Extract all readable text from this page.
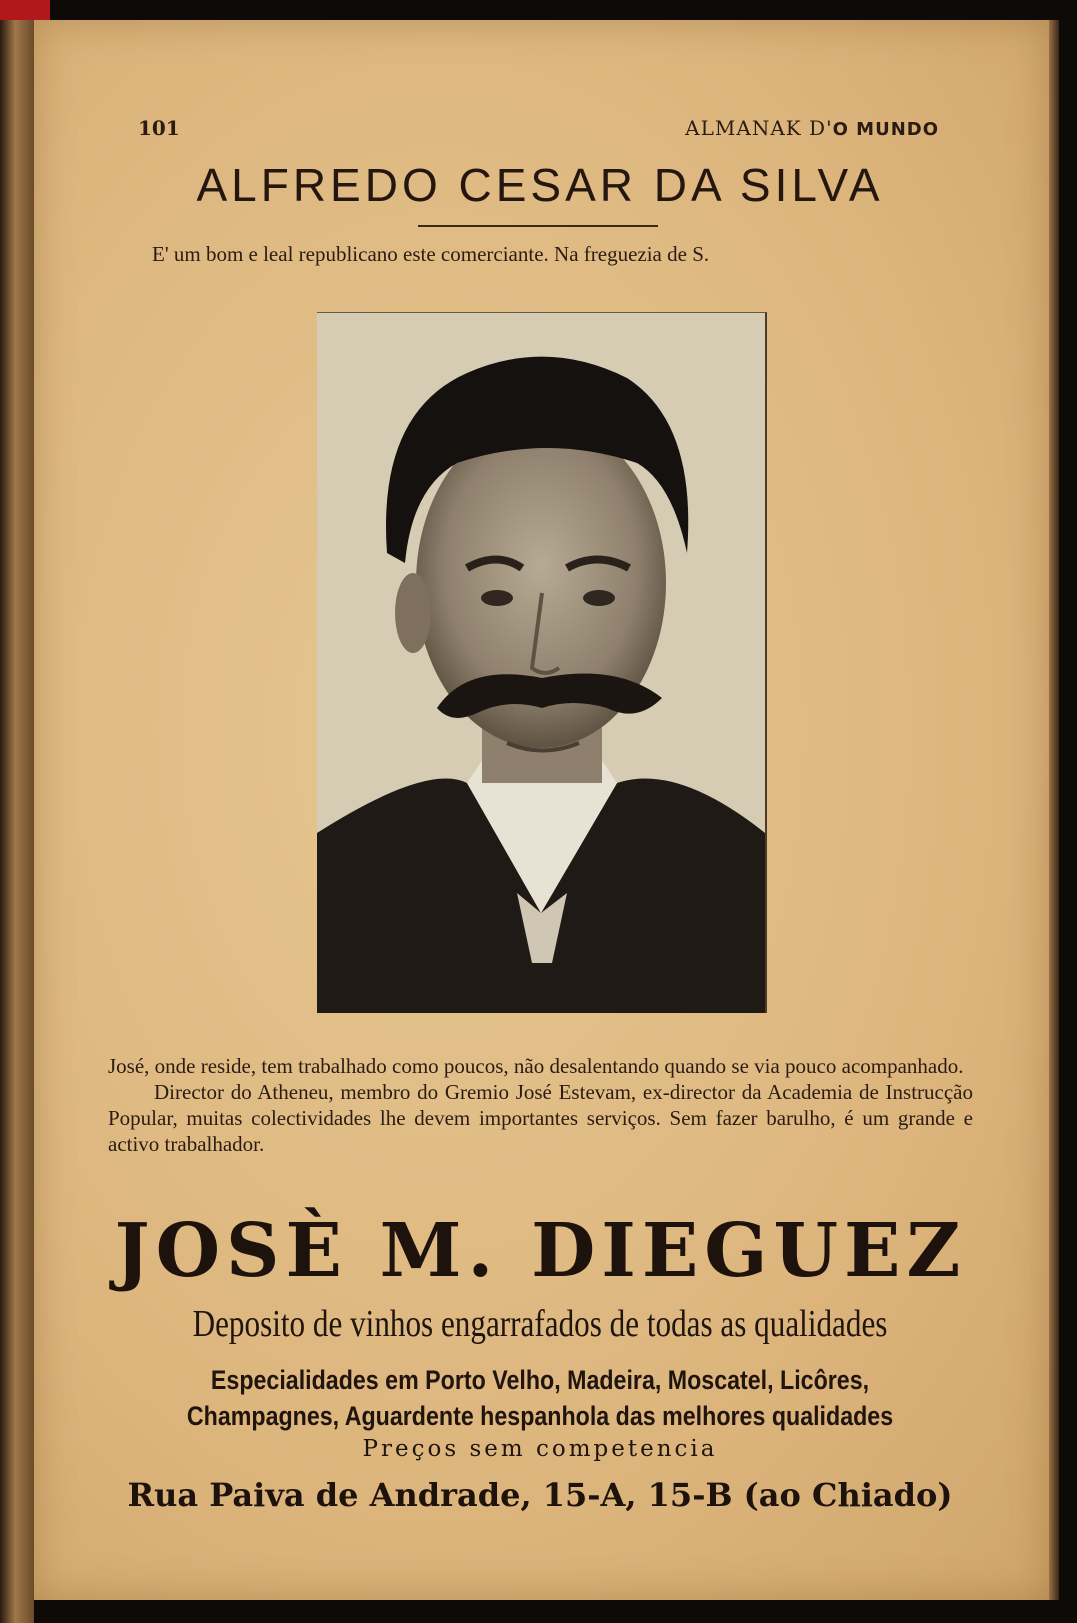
101	ALMANAK D'O MUNDO
ALFREDO CESAR DA SILVA
E' um bom e leal republicano este comerciante. Na freguezia de S.

José, onde reside, tem trabalhado como poucos, não desalentando quando se via pouco acompanhado.

Director do Atheneu, membro do Gremio José Estevam, ex-director da Academia de Instrucção Popular, muitas colectividades lhe devem importantes serviços. Sem fazer barulho, é um grande e activo trabalhador.

JOSÈ M. DIEGUEZ
Deposito de vinhos engarrafados de todas as qualidades
Especialidades em Porto Velho, Madeira, Moscatel, Licôres,
Champagnes, Aguardente hespanhola das melhores qualidades
Preços sem competencia
Rua Paiva de Andrade, 15-A, 15-B (ao Chiado)
